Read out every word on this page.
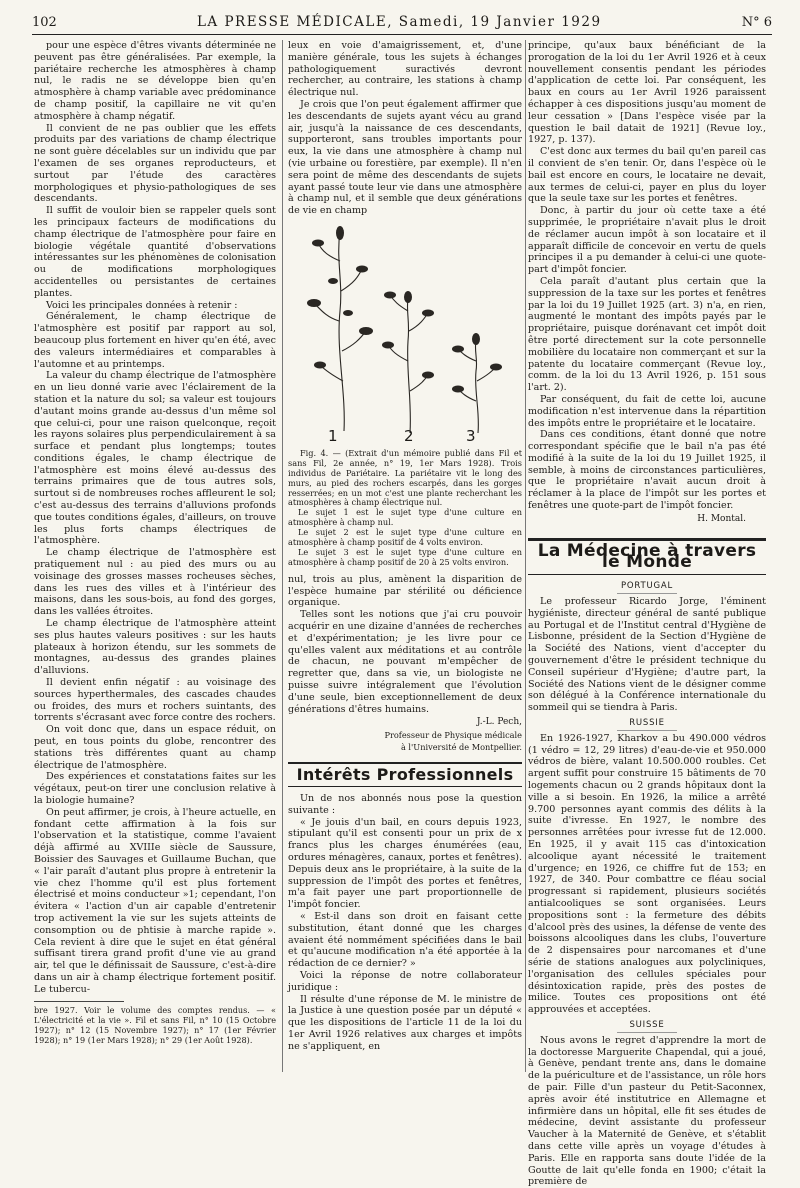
102	LA PRESSE MÉDICALE, Samedi, 19 Janvier 1929	N° 6

pour une espèce d'êtres vivants déterminée ne peuvent pas être généralisées. Par exemple, la pariétaire recherche les atmosphères à champ nul, le radis ne se développe bien qu'en atmosphère à champ variable avec prédominance de champ positif, la capillaire ne vit qu'en atmosphère à champ négatif.

Il convient de ne pas oublier que les effets produits par des variations de champ électrique ne sont guère décelables sur un individu que par l'examen de ses organes reproducteurs, et surtout par l'étude des caractères morphologiques et physio-pathologiques de ses descendants.

Il suffit de vouloir bien se rappeler quels sont les principaux facteurs de modifications du champ électrique de l'atmosphère pour faire en biologie végétale quantité d'observations intéressantes sur les phénomènes de colonisation ou de modifications morphologiques accidentelles ou persistantes de certaines plantes.

Voici les principales données à retenir :

Généralement, le champ électrique de l'atmosphère est positif par rapport au sol, beaucoup plus fortement en hiver qu'en été, avec des valeurs intermédiaires et comparables à l'automne et au printemps.

La valeur du champ électrique de l'atmosphère en un lieu donné varie avec l'éclairement de la station et la nature du sol; sa valeur est toujours d'autant moins grande au-dessus d'un même sol que celui-ci, pour une raison quelconque, reçoit les rayons solaires plus perpendiculairement à sa surface et pendant plus longtemps; toutes conditions égales, le champ électrique de l'atmosphère est moins élevé au-dessus des terrains primaires que de tous autres sols, surtout si de nombreuses roches affleurent le sol; c'est au-dessus des terrains d'alluvions profonds que toutes conditions égales, d'ailleurs, on trouve les plus forts champs électriques de l'atmosphère.

Le champ électrique de l'atmosphère est pratiquement nul : au pied des murs ou au voisinage des grosses masses rocheuses sèches, dans les rues des villes et à l'intérieur des maisons, dans les sous-bois, au fond des gorges, dans les vallées étroites.

Le champ électrique de l'atmosphère atteint ses plus hautes valeurs positives : sur les hauts plateaux à horizon étendu, sur les sommets de montagnes, au-dessus des grandes plaines d'alluvions.

Il devient enfin négatif : au voisinage des sources hyperthermales, des cascades chaudes ou froides, des murs et rochers suintants, des torrents s'écrasant avec force contre des rochers.

On voit donc que, dans un espace réduit, on peut, en tous points du globe, rencontrer des stations très différentes quant au champ électrique de l'atmosphère.

Des expériences et constatations faites sur les végétaux, peut-on tirer une conclusion relative à la biologie humaine?

On peut affirmer, je crois, à l'heure actuelle, en fondant cette affirmation à la fois sur l'observation et la statistique, comme l'avaient déjà affirmé au XVIIIe siècle de Saussure, Boissier des Sauvages et Guillaume Buchan, que « l'air paraît d'autant plus propre à entretenir la vie chez l'homme qu'il est plus fortement électrisé et moins conducteur »1; cependant, l'on évitera « l'action d'un air capable d'entretenir trop activement la vie sur les sujets atteints de consomption ou de phtisie à marche rapide ». Cela revient à dire que le sujet en état général suffisant tirera grand profit d'une vie au grand air, tel que le définissait de Saussure, c'est-à-dire dans un air à champ électrique fortement positif. Le tubercu-

bre 1927. Voir le volume des comptes rendus. — « L'électricité et la vie ». Fil et sans Fil, n° 10 (15 Octobre 1927); n° 12 (15 Novembre 1927); n° 17 (1er Février 1928); n° 19 (1er Mars 1928); n° 29 (1er Août 1928).

leux en voie d'amaigrissement, et, d'une manière générale, tous les sujets à échanges pathologiquement suractivés devront rechercher, au contraire, les stations à champ électrique nul.

Je crois que l'on peut également affirmer que les descendants de sujets ayant vécu au grand air, jusqu'à la naissance de ces descendants, supporteront, sans troubles importants pour eux, la vie dans une atmosphère à champ nul (vie urbaine ou forestière, par exemple). Il n'en sera point de même des descendants de sujets ayant passé toute leur vie dans une atmosphère à champ nul, et il semble que deux générations de vie en champ

1	2	3

Fig. 4. — (Extrait d'un mémoire publié dans Fil et sans Fil, 2e année, n° 19, 1er Mars 1928). Trois individus de Pariétaire. La pariétaire vit le long des murs, au pied des rochers escarpés, dans les gorges resserrées; en un mot c'est une plante recherchant les atmosphères à champ électrique nul.

Le sujet 1 est le sujet type d'une culture en atmosphère à champ nul.

Le sujet 2 est le sujet type d'une culture en atmosphère à champ positif de 4 volts environ.

Le sujet 3 est le sujet type d'une culture en atmosphère à champ positif de 20 à 25 volts environ.

nul, trois au plus, amènent la disparition de l'espèce humaine par stérilité ou déficience organique.

Telles sont les notions que j'ai cru pouvoir acquérir en une dizaine d'années de recherches et d'expérimentation; je les livre pour ce qu'elles valent aux méditations et au contrôle de chacun, ne pouvant m'empêcher de regretter que, dans sa vie, un biologiste ne puisse suivre intégralement que l'évolution d'une seule, bien exceptionnellement de deux générations d'êtres humains.

J.-L. Pech,
Professeur de Physique médicale
à l'Université de Montpellier.
Intérêts Professionnels

Un de nos abonnés nous pose la question suivante :

« Je jouis d'un bail, en cours depuis 1923, stipulant qu'il est consenti pour un prix de x francs plus les charges énumérées (eau, ordures ménagères, canaux, portes et fenêtres). Depuis deux ans le propriétaire, à la suite de la suppression de l'impôt des portes et fenêtres, m'a fait payer une part proportionnelle de l'impôt foncier.

« Est-il dans son droit en faisant cette substitution, étant donné que les charges avaient été nommément spécifiées dans le bail et qu'aucune modification n'a été apportée à la rédaction de ce dernier? »

Voici la réponse de notre collaborateur juridique :

Il résulte d'une réponse de M. le ministre de la Justice à une question posée par un député « que les dispositions de l'article 11 de la loi du 1er Avril 1926 relatives aux charges et impôts ne s'appliquent, en

principe, qu'aux baux bénéficiant de la prorogation de la loi du 1er Avril 1926 et à ceux nouvellement consentis pendant les périodes d'application de cette loi. Par conséquent, les baux en cours au 1er Avril 1926 paraissent échapper à ces dispositions jusqu'au moment de leur cessation » [Dans l'espèce visée par la question le bail datait de 1921] (Revue loy., 1927, p. 137).

C'est donc aux termes du bail qu'en pareil cas il convient de s'en tenir. Or, dans l'espèce où le bail est encore en cours, le locataire ne devait, aux termes de celui-ci, payer en plus du loyer que la seule taxe sur les portes et fenêtres.

Donc, à partir du jour où cette taxe a été supprimée, le propriétaire n'avait plus le droit de réclamer aucun impôt à son locataire et il apparaît difficile de concevoir en vertu de quels principes il a pu demander à celui-ci une quote-part d'impôt foncier.

Cela paraît d'autant plus certain que la suppression de la taxe sur les portes et fenêtres par la loi du 19 Juillet 1925 (art. 3) n'a, en rien, augmenté le montant des impôts payés par le propriétaire, puisque dorénavant cet impôt doit être porté directement sur la cote personnelle mobilière du locataire non commerçant et sur la patente du locataire commerçant (Revue loy., comm. de la loi du 13 Avril 1926, p. 151 sous l'art. 2).

Par conséquent, du fait de cette loi, aucune modification n'est intervenue dans la répartition des impôts entre le propriétaire et le locataire.

Dans ces conditions, étant donné que notre correspondant spécifie que le bail n'a pas été modifié à la suite de la loi du 19 Juillet 1925, il semble, à moins de circonstances particulières, que le propriétaire n'avait aucun droit à réclamer à la place de l'impôt sur les portes et fenêtres une quote-part de l'impôt foncier.

H. Montal.
La Médecine à travers le Monde
PORTUGAL

Le professeur Ricardo Jorge, l'éminent hygiéniste, directeur général de santé publique au Portugal et de l'Institut central d'Hygiène de Lisbonne, président de la Section d'Hygiène de la Société des Nations, vient d'accepter du gouvernement d'être le président technique du Conseil supérieur d'Hygiène; d'autre part, la Société des Nations vient de le désigner comme son délégué à la Conférence internationale du sommeil qui se tiendra à Paris.

RUSSIE

En 1926-1927, Kharkov a bu 490.000 védros (1 védro = 12, 29 litres) d'eau-de-vie et 950.000 védros de bière, valant 10.500.000 roubles. Cet argent suffit pour construire 15 bâtiments de 70 logements chacun ou 2 grands hôpitaux dont la ville a si besoin. En 1926, la milice a arrêté 9.700 personnes ayant commis des délits à la suite d'ivresse. En 1927, le nombre des personnes arrêtées pour ivresse fut de 12.000. En 1925, il y avait 115 cas d'intoxication alcoolique ayant nécessité le traitement d'urgence; en 1926, ce chiffre fut de 153; en 1927, de 340. Pour combattre ce fléau social progressant si rapidement, plusieurs sociétés antialcooliques se sont organisées. Leurs propositions sont : la fermeture des débits d'alcool près des usines, la défense de vente des boissons alcooliques dans les clubs, l'ouverture de 2 dispensaires pour narcomanes et d'une série de stations analogues aux polycliniques, l'organisation des cellules spéciales pour désintoxication rapide, près des postes de milice. Toutes ces propositions ont été approuvées et acceptées.

SUISSE

Nous avons le regret d'apprendre la mort de la doctoresse Marguerite Chapendal, qui a joué, à Genève, pendant trente ans, dans le domaine de la puériculture et de l'assistance, un rôle hors de pair. Fille d'un pasteur du Petit-Saconnex, après avoir été institutrice en Allemagne et infirmière dans un hôpital, elle fit ses études de médecine, devint assistante du professeur Vaucher à la Maternité de Genève, et s'établit dans cette ville après un voyage d'études à Paris. Elle en rapporta sans doute l'idée de la Goutte de lait qu'elle fonda en 1900; c'était la première de
